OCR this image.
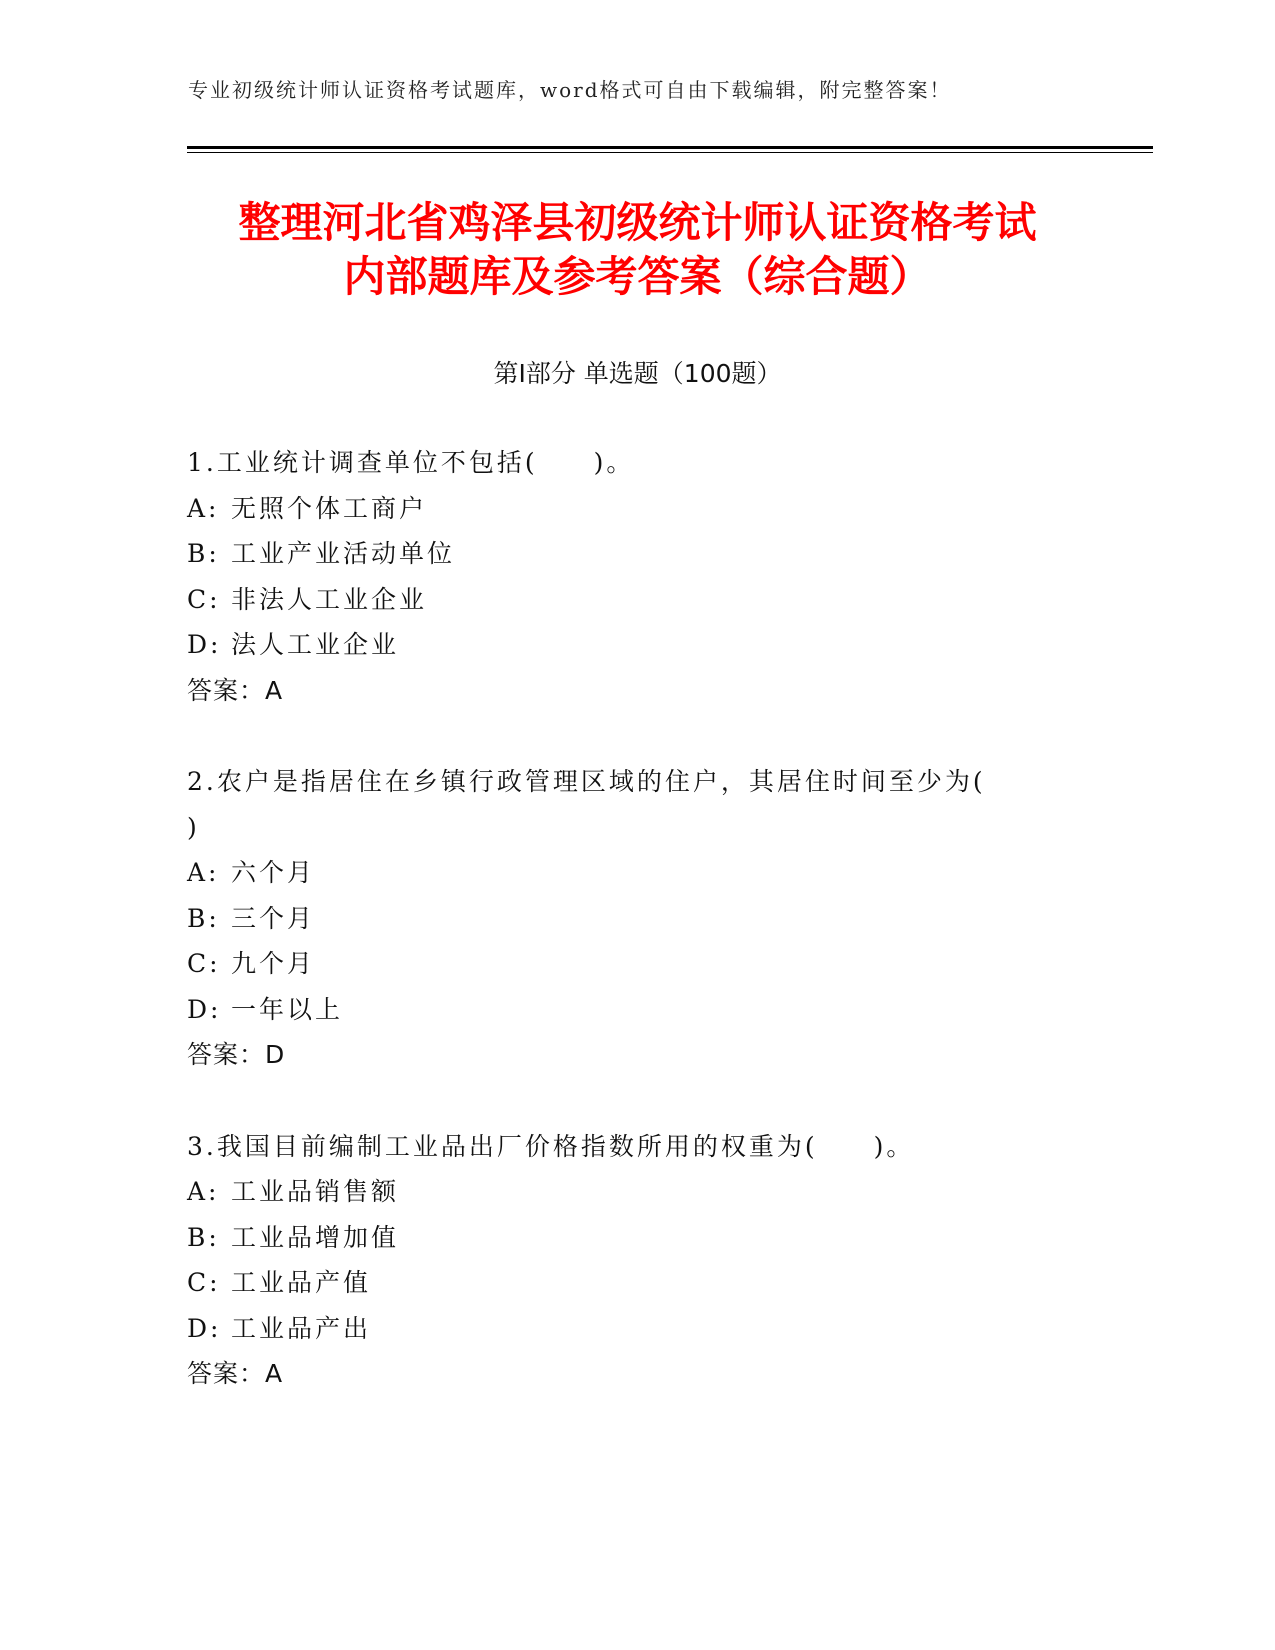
专业初级统计师认证资格考试题库，word格式可自由下载编辑，附完整答案！
整理河北省鸡泽县初级统计师认证资格考试
内部题库及参考答案（综合题）
第Ⅰ部分 单选题（100题）

1.工业统计调查单位不包括(　　)。

A: 无照个体工商户

B: 工业产业活动单位

C: 非法人工业企业

D: 法人工业企业

答案：A

2.农户是指居住在乡镇行政管理区域的住户，其居住时间至少为(　　)

A: 六个月

B: 三个月

C: 九个月

D: 一年以上

答案：D

3.我国目前编制工业品出厂价格指数所用的权重为(　　)。

A: 工业品销售额

B: 工业品增加值

C: 工业品产值

D: 工业品产出

答案：A
